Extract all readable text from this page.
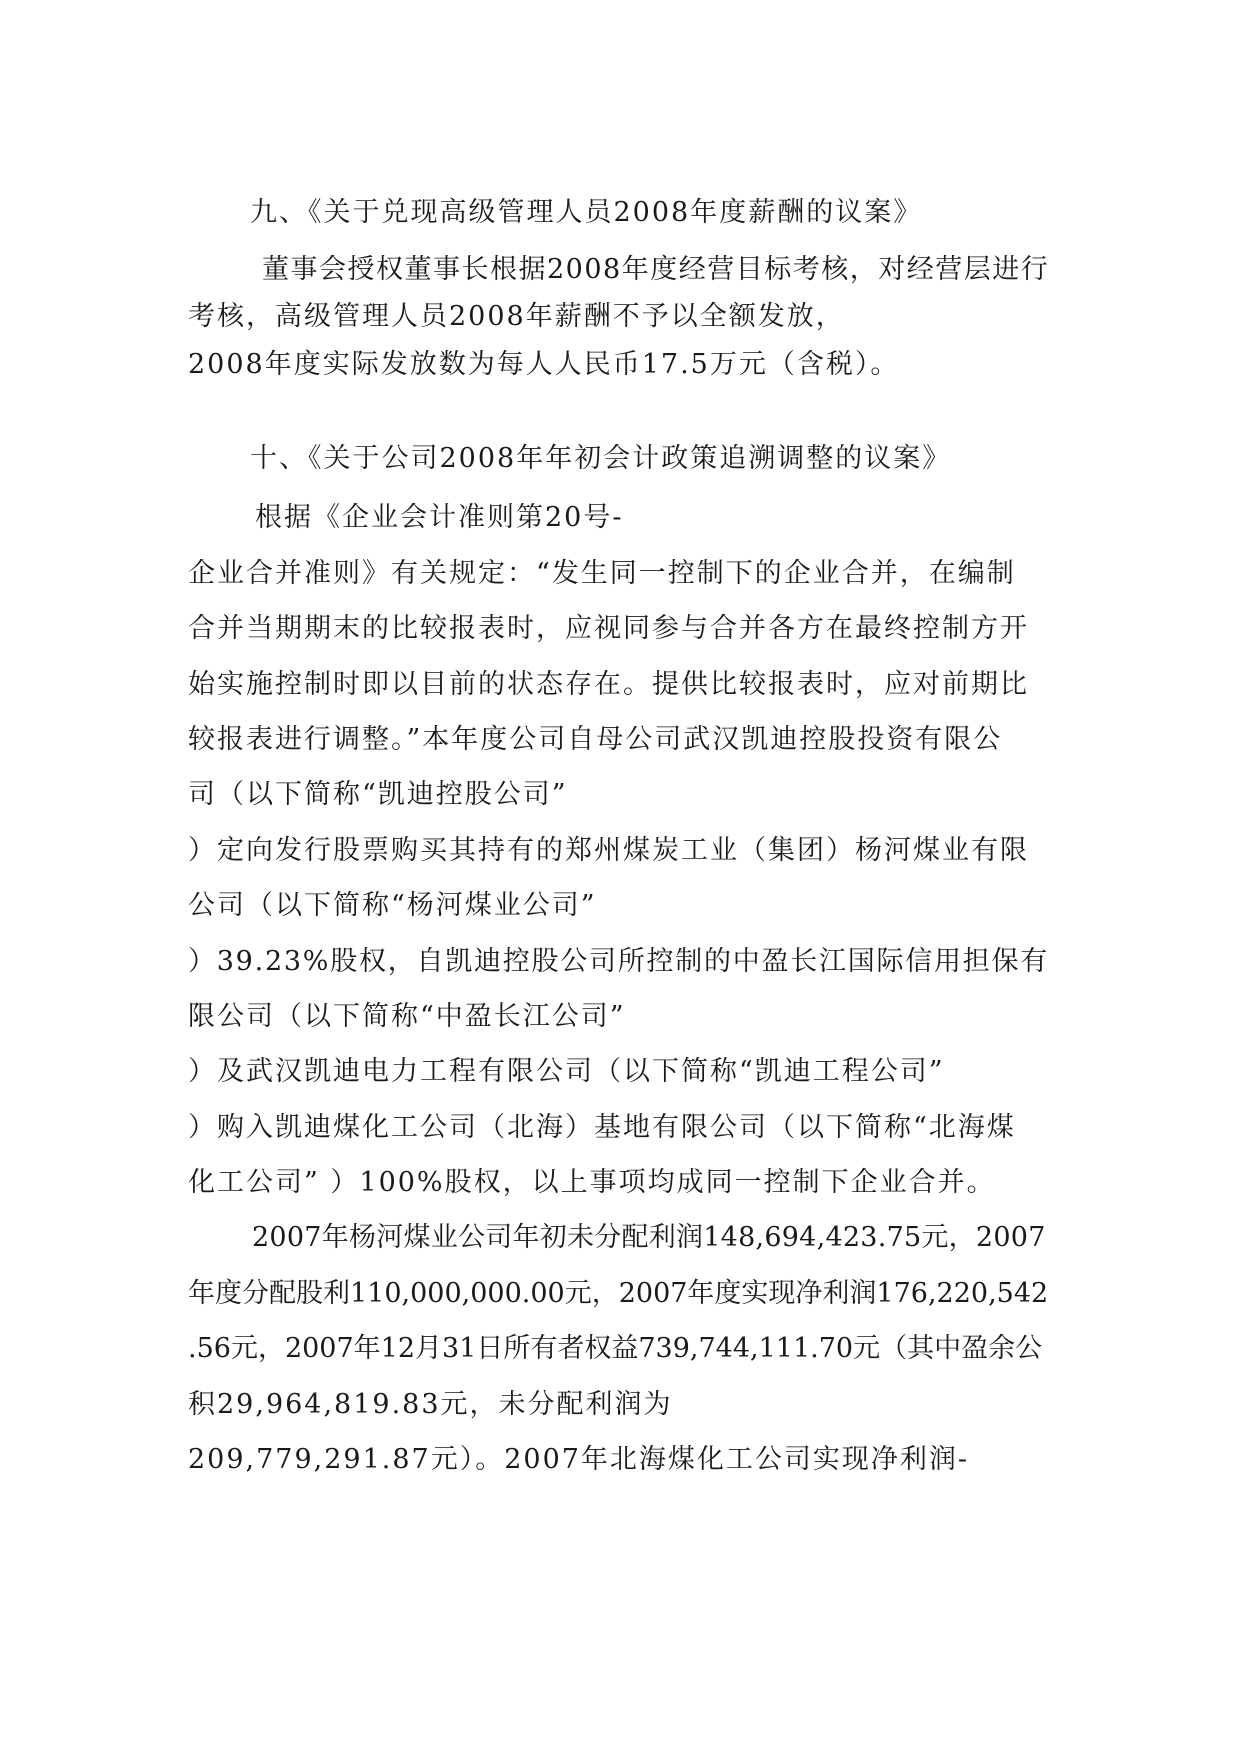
九、《关于兑现高级管理人员2008年度薪酬的议案》
董事会授权董事长根据2008年度经营目标考核，对经营层进行
考核，高级管理人员2008年薪酬不予以全额发放，
2008年度实际发放数为每人人民币17.5万元（含税）。
十、《关于公司2008年年初会计政策追溯调整的议案》
根据《企业会计准则第20号-
企业合并准则》有关规定：“发生同一控制下的企业合并，在编制
合并当期期末的比较报表时，应视同参与合并各方在最终控制方开
始实施控制时即以目前的状态存在。提供比较报表时，应对前期比
较报表进行调整。”本年度公司自母公司武汉凯迪控股投资有限公
司（以下简称“凯迪控股公司”
）定向发行股票购买其持有的郑州煤炭工业（集团）杨河煤业有限
公司（以下简称“杨河煤业公司”
）39.23%股权，自凯迪控股公司所控制的中盈长江国际信用担保有
限公司（以下简称“中盈长江公司”
）及武汉凯迪电力工程有限公司（以下简称“凯迪工程公司”
）购入凯迪煤化工公司（北海）基地有限公司（以下简称“北海煤
化工公司” ）100%股权，以上事项均成同一控制下企业合并。
2007年杨河煤业公司年初未分配利润148,694,423.75元，2007
年度分配股利110,000,000.00元，2007年度实现净利润176,220,542
.56元，2007年12月31日所有者权益739,744,111.70元（其中盈余公
积29,964,819.83元，未分配利润为
209,779,291.87元）。2007年北海煤化工公司实现净利润-
